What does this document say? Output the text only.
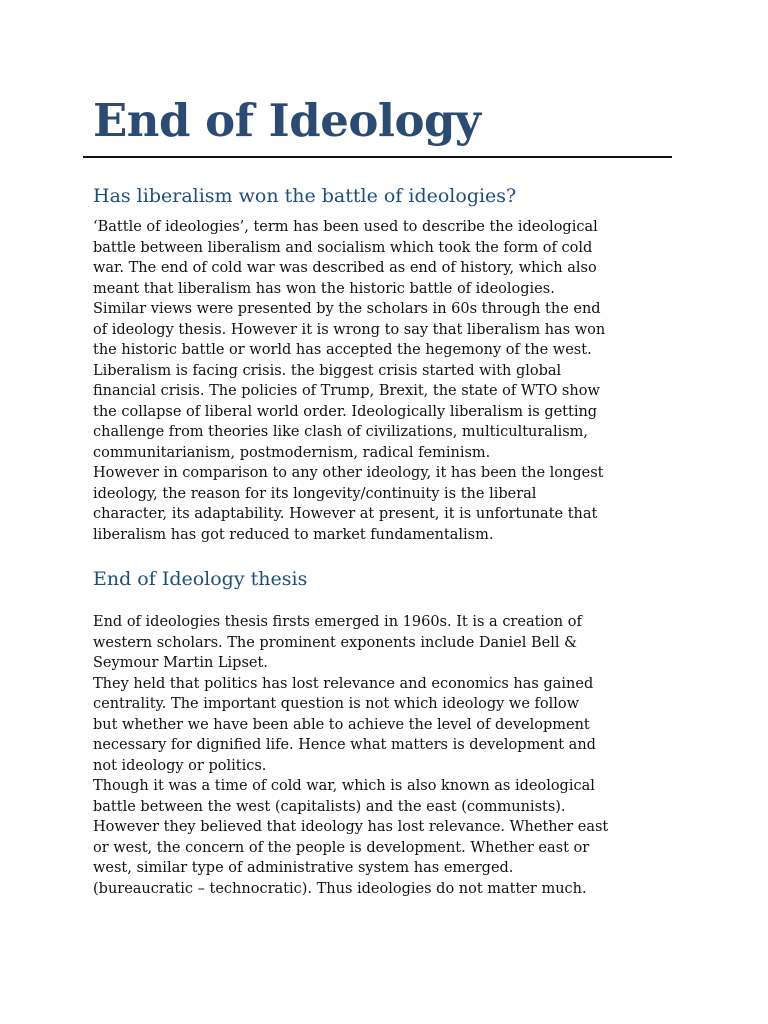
End of Ideology
Has liberalism won the battle of ideologies?
‘Battle of ideologies’, term has been used to describe the ideological
battle between liberalism and socialism which took the form of cold
war. The end of cold war was described as end of history, which also
meant that liberalism has won the historic battle of ideologies.
Similar views were presented by the scholars in 60s through the end
of ideology thesis. However it is wrong to say that liberalism has won
the historic battle or world has accepted the hegemony of the west.
Liberalism is facing crisis. the biggest crisis started with global
financial crisis. The policies of Trump, Brexit, the state of WTO show
the collapse of liberal world order. Ideologically liberalism is getting
challenge from theories like clash of civilizations, multiculturalism,
communitarianism, postmodernism, radical feminism.
However in comparison to any other ideology, it has been the longest
ideology, the reason for its longevity/continuity is the liberal
character, its adaptability. However at present, it is unfortunate that
liberalism has got reduced to market fundamentalism.
End of Ideology thesis
End of ideologies thesis firsts emerged in 1960s. It is a creation of
western scholars. The prominent exponents include Daniel Bell &
Seymour Martin Lipset.
They held that politics has lost relevance and economics has gained
centrality. The important question is not which ideology we follow
but whether we have been able to achieve the level of development
necessary for dignified life. Hence what matters is development and
not ideology or politics.
Though it was a time of cold war, which is also known as ideological
battle between the west (capitalists) and the east (communists).
However they believed that ideology has lost relevance. Whether east
or west, the concern of the people is development. Whether east or
west, similar type of administrative system has emerged.
(bureaucratic – technocratic). Thus ideologies do not matter much.
